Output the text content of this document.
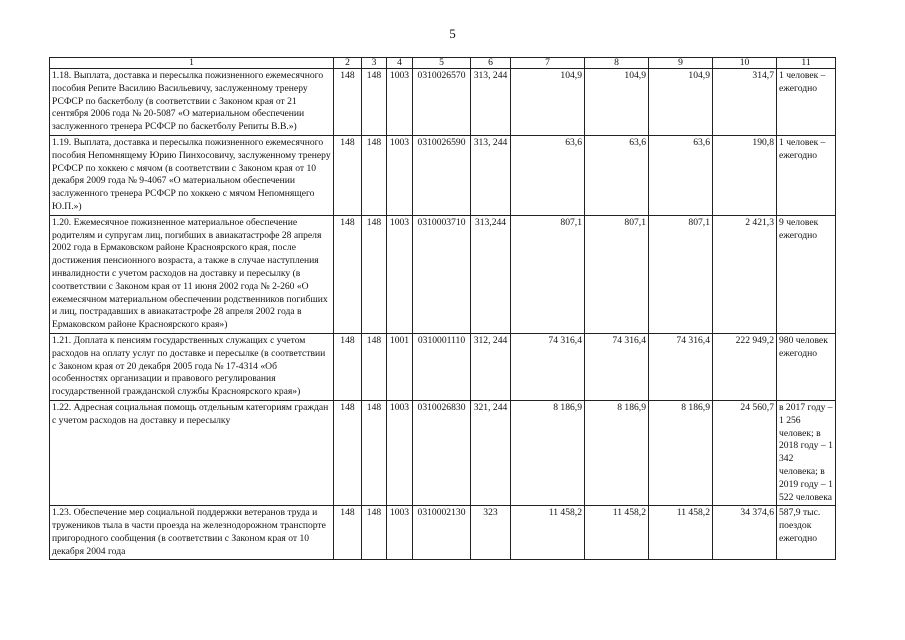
5
1	2	3	4	5	6	7	8	9	10	11
1.18. Выплата, доставка и пересылка пожизненного ежемесячного пособия Репите Василию Васильевичу, заслуженному тренеру РСФСР по баскетболу (в соответствии с Законом края от 21 сентября 2006 года № 20-5087 «О материальном обеспечении заслуженного тренера РСФСР по баскетболу Репиты В.В.»)	148	148	1003	0310026570	313, 244	104,9	104,9	104,9	314,7	1 человек – ежегодно
1.19. Выплата, доставка и пересылка пожизненного ежемесячного пособия Непомнящему Юрию Пинхосовичу, заслуженному тренеру РСФСР по хоккею с мячом (в соответствии с Законом края от 10 декабря 2009 года № 9-4067 «О материальном обеспечении заслуженного тренера РСФСР по хоккею с мячом Непомнящего Ю.П.»)	148	148	1003	0310026590	313, 244	63,6	63,6	63,6	190,8	1 человек – ежегодно
1.20. Ежемесячное пожизненное материальное обеспечение родителям и супругам лиц, погибших в авиакатастрофе 28 апреля 2002 года в Ермаковском районе Красноярского края, после достижения пенсионного возраста, а также в случае наступления инвалидности с учетом расходов на доставку и пересылку (в соответствии с Законом края от 11 июня 2002 года № 2-260 «О ежемесячном материальном обеспечении родственников погибших и лиц, пострадавших в авиакатастрофе 28 апреля 2002 года в Ермаковском районе Красноярского края»)	148	148	1003	0310003710	313,244	807,1	807,1	807,1	2 421,3	9 человек ежегодно
1.21. Доплата к пенсиям государственных служащих с учетом расходов на оплату услуг по доставке и пересылке (в соответствии с Законом края от 20 декабря 2005 года № 17-4314 «Об особенностях организации и правового регулирования государственной гражданской службы Красноярского края»)	148	148	1001	0310001110	312, 244	74 316,4	74 316,4	74 316,4	222 949,2	980 человек ежегодно
1.22. Адресная социальная помощь отдельным категориям граждан с учетом расходов на доставку и пересылку	148	148	1003	0310026830	321, 244	8 186,9	8 186,9	8 186,9	24 560,7	в 2017 году – 1 256 человек; в 2018 году – 1 342 человека; в 2019 году – 1 522 человека
1.23. Обеспечение мер социальной поддержки ветеранов труда и тружеников тыла в части проезда на железнодорожном транспорте пригородного сообщения (в соответствии с Законом края от 10 декабря 2004 года	148	148	1003	0310002130	323	11 458,2	11 458,2	11 458,2	34 374,6	587,9 тыс. поездок ежегодно
